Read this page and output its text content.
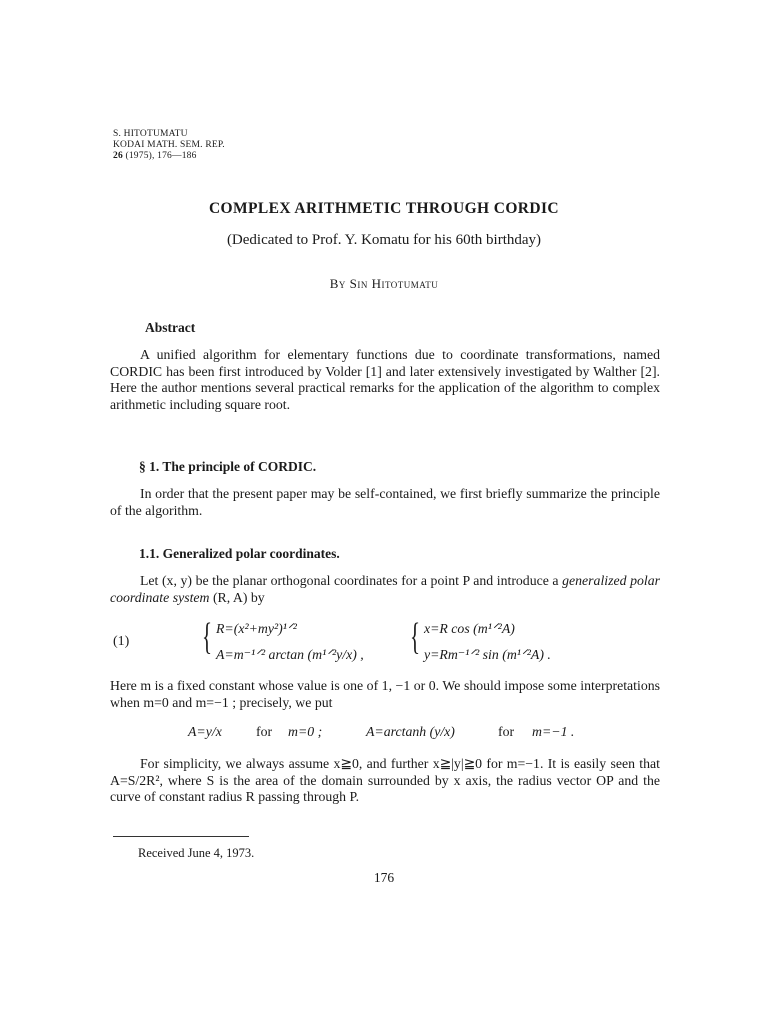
S. HITOTUMATU
KODAI MATH. SEM. REP.
26 (1975), 176—186
COMPLEX ARITHMETIC THROUGH CORDIC
(Dedicated to Prof. Y. Komatu for his 60th birthday)
By Sin Hitotumatu
Abstract
A unified algorithm for elementary functions due to coordinate transformations, named CORDIC has been first introduced by Volder [1] and later extensively investigated by Walther [2]. Here the author mentions several practical remarks for the application of the algorithm to complex arithmetic including square root.
§ 1. The principle of CORDIC.
In order that the present paper may be self-contained, we first briefly summarize the principle of the algorithm.
1.1. Generalized polar coordinates.
Let (x, y) be the planar orthogonal coordinates for a point P and introduce a generalized polar coordinate system (R, A) by
(1) { R=(x²+my²)¹ᐟ²
A=m⁻¹ᐟ² arctan (m¹ᐟ²y/x) , { x=R cos (m¹ᐟ²A)
y=Rm⁻¹ᐟ² sin (m¹ᐟ²A) .
Here m is a fixed constant whose value is one of 1, −1 or 0. We should impose some interpretations when m=0 and m=−1 ; precisely, we put
A=y/x for m=0 ;	A=arctanh (y/x)	for m=−1 .
For simplicity, we always assume x≧0, and further x≧|y|≧0 for m=−1. It is easily seen that A=S/2R², where S is the area of the domain surrounded by x axis, the radius vector OP and the curve of constant radius R passing through P.
Received June 4, 1973.
176
